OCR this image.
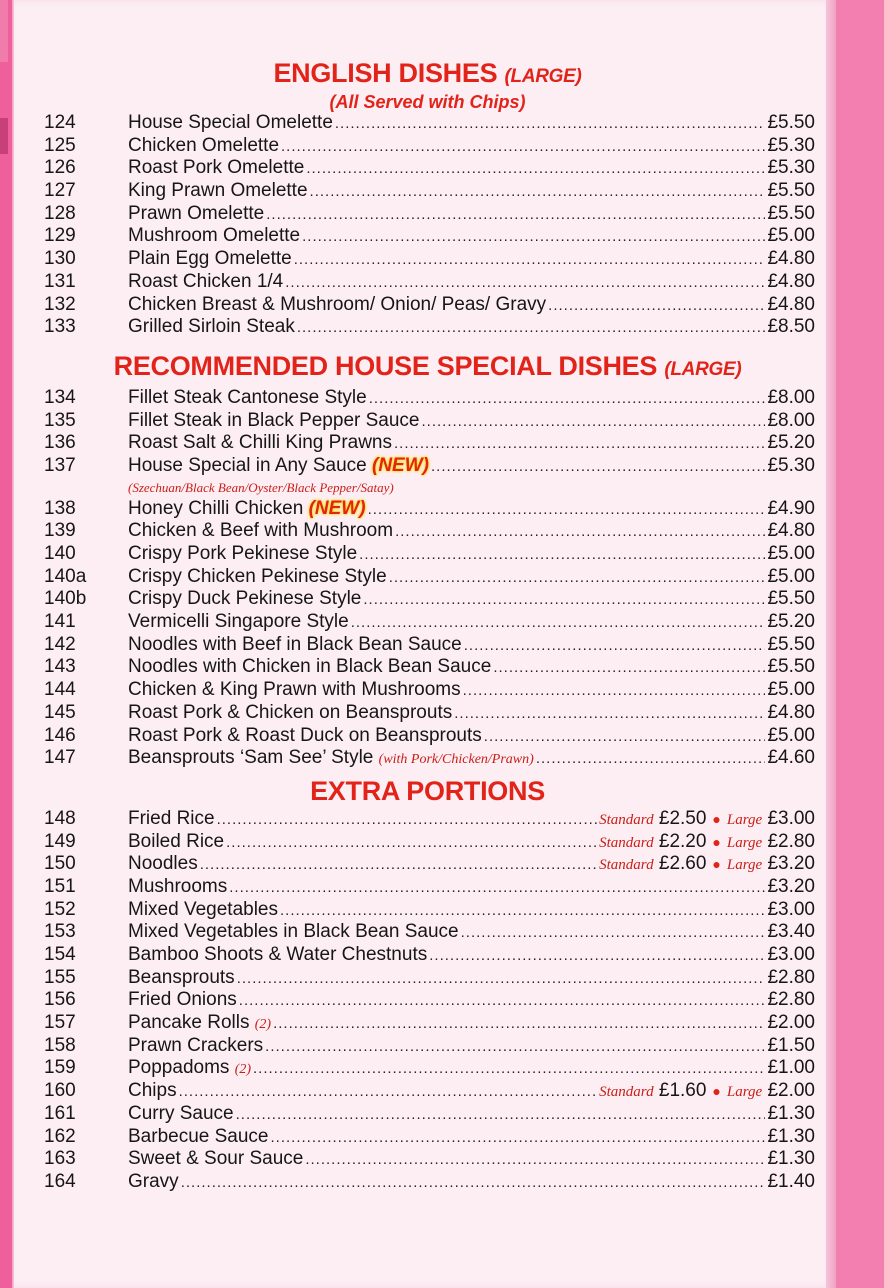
ENGLISH DISHES (LARGE)
(All Served with Chips)
124	House Special Omelette .....	£5.50
125	Chicken Omelette .....	£5.30
126	Roast Pork Omelette .....	£5.30
127	King Prawn Omelette .....	£5.50
128	Prawn Omelette .....	£5.50
129	Mushroom Omelette .....	£5.00
130	Plain Egg Omelette .....	£4.80
131	Roast Chicken 1/4 .....	£4.80
132	Chicken Breast & Mushroom/ Onion/ Peas/ Gravy .....	£4.80
133	Grilled Sirloin Steak .....	£8.50
RECOMMENDED HOUSE SPECIAL DISHES (LARGE)
134	Fillet Steak Cantonese Style .....	£8.00
135	Fillet Steak in Black Pepper Sauce .....	£8.00
136	Roast Salt & Chilli King Prawns .....	£5.20
137	House Special in Any Sauce (NEW) .....	£5.30
(Szechuan/Black Bean/Oyster/Black Pepper/Satay)
138	Honey Chilli Chicken (NEW) .....	£4.90
139	Chicken & Beef with Mushroom .....	£4.80
140	Crispy Pork Pekinese Style .....	£5.00
140a	Crispy Chicken Pekinese Style .....	£5.00
140b	Crispy Duck Pekinese Style .....	£5.50
141	Vermicelli Singapore Style .....	£5.20
142	Noodles with Beef in Black Bean Sauce .....	£5.50
143	Noodles with Chicken in Black Bean Sauce .....	£5.50
144	Chicken & King Prawn with Mushrooms .....	£5.00
145	Roast Pork & Chicken on Beansprouts .....	£4.80
146	Roast Pork & Roast Duck on Beansprouts .....	£5.00
147	Beansprouts ‘Sam See’ Style (with Pork/Chicken/Prawn) .....	£4.60
EXTRA PORTIONS
148	Fried Rice .....	Standard £2.50 ● Large £3.00
149	Boiled Rice .....	Standard £2.20 ● Large £2.80
150	Noodles .....	Standard £2.60 ● Large £3.20
151	Mushrooms .....	£3.20
152	Mixed Vegetables .....	£3.00
153	Mixed Vegetables in Black Bean Sauce .....	£3.40
154	Bamboo Shoots & Water Chestnuts .....	£3.00
155	Beansprouts .....	£2.80
156	Fried Onions .....	£2.80
157	Pancake Rolls (2) .....	£2.00
158	Prawn Crackers .....	£1.50
159	Poppadoms (2) .....	£1.00
160	Chips .....	Standard £1.60 ● Large £2.00
161	Curry Sauce .....	£1.30
162	Barbecue Sauce .....	£1.30
163	Sweet & Sour Sauce .....	£1.30
164	Gravy .....	£1.40
